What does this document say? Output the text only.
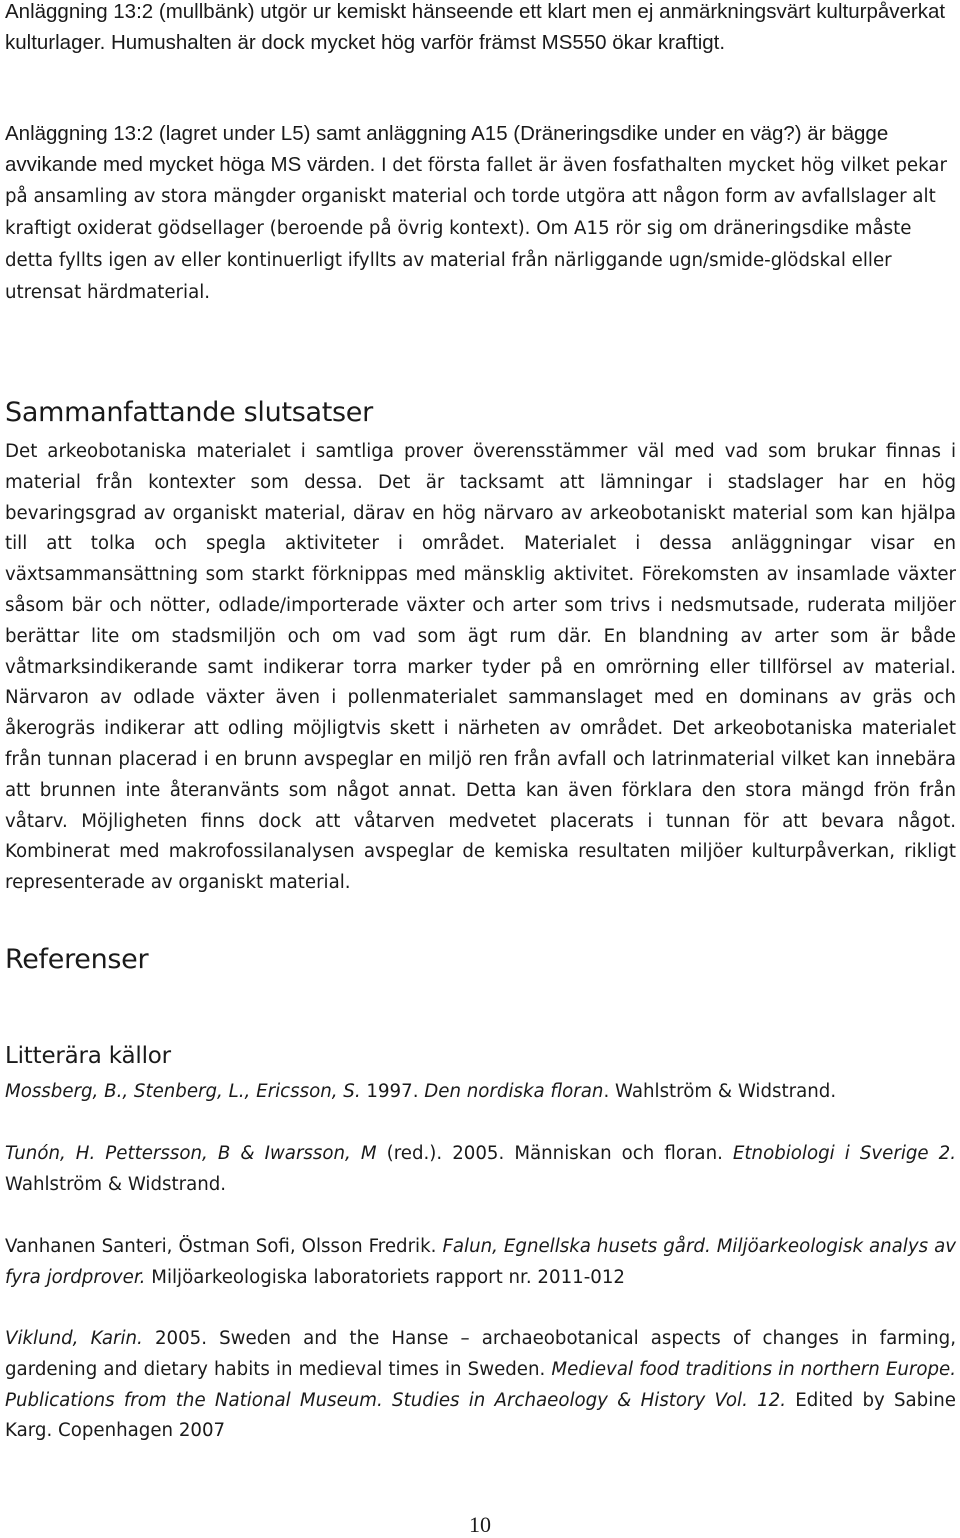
Anläggning 13:2 (mullbänk) utgör ur kemiskt hänseende ett klart men ej anmärkningsvärt kulturpåverkat kulturlager. Humushalten är dock mycket hög varför främst MS550 ökar kraftigt.

Anläggning 13:2 (lagret under L5) samt anläggning A15 (Dräneringsdike under en väg?) är bägge avvikande med mycket höga MS värden. I det första fallet är även fosfathalten mycket hög vilket pekar på ansamling av stora mängder organiskt material och torde utgöra att någon form av avfallslager alt kraftigt oxiderat gödsellager (beroende på övrig kontext). Om A15 rör sig om dräneringsdike måste detta fyllts igen av eller kontinuerligt ifyllts av material från närliggande ugn/smide-glödskal eller utrensat härdmaterial.

Sammanfattande slutsatser

Det arkeobotaniska materialet i samtliga prover överensstämmer väl med vad som brukar finnas i material från kontexter som dessa. Det är tacksamt att lämningar i stadslager har en hög bevaringsgrad av organiskt material, därav en hög närvaro av arkeobotaniskt material som kan hjälpa till att tolka och spegla aktiviteter i området. Materialet i dessa anläggningar visar en växtsammansättning som starkt förknippas med mänsklig aktivitet. Förekomsten av insamlade växter såsom bär och nötter, odlade/importerade växter och arter som trivs i nedsmutsade, ruderata miljöer berättar lite om stadsmiljön och om vad som ägt rum där. En blandning av arter som är både våtmarksindikerande samt indikerar torra marker tyder på en omrörning eller tillförsel av material. Närvaron av odlade växter även i pollenmaterialet sammanslaget med en dominans av gräs och åkerogräs indikerar att odling möjligtvis skett i närheten av området. Det arkeobotaniska materialet från tunnan placerad i en brunn avspeglar en miljö ren från avfall och latrinmaterial vilket kan innebära att brunnen inte återanvänts som något annat. Detta kan även förklara den stora mängd frön från våtarv. Möjligheten finns dock att våtarven medvetet placerats i tunnan för att bevara något. Kombinerat med makrofossilanalysen avspeglar de kemiska resultaten miljöer kulturpåverkan, rikligt representerade av organiskt material.

Referenser
Litterära källor

Mossberg, B., Stenberg, L., Ericsson, S. 1997. Den nordiska floran. Wahlström & Widstrand.

Tunón, H. Pettersson, B & Iwarsson, M (red.). 2005. Människan och floran. Etnobiologi i Sverige 2. Wahlström & Widstrand.

Vanhanen Santeri, Östman Sofi, Olsson Fredrik. Falun, Egnellska husets gård. Miljöarkeologisk analys av fyra jordprover. Miljöarkeologiska laboratoriets rapport nr. 2011-012

Viklund, Karin. 2005. Sweden and the Hanse – archaeobotanical aspects of changes in farming, gardening and dietary habits in medieval times in Sweden. Medieval food traditions in northern Europe. Publications from the National Museum. Studies in Archaeology & History Vol. 12. Edited by Sabine Karg. Copenhagen 2007

10
